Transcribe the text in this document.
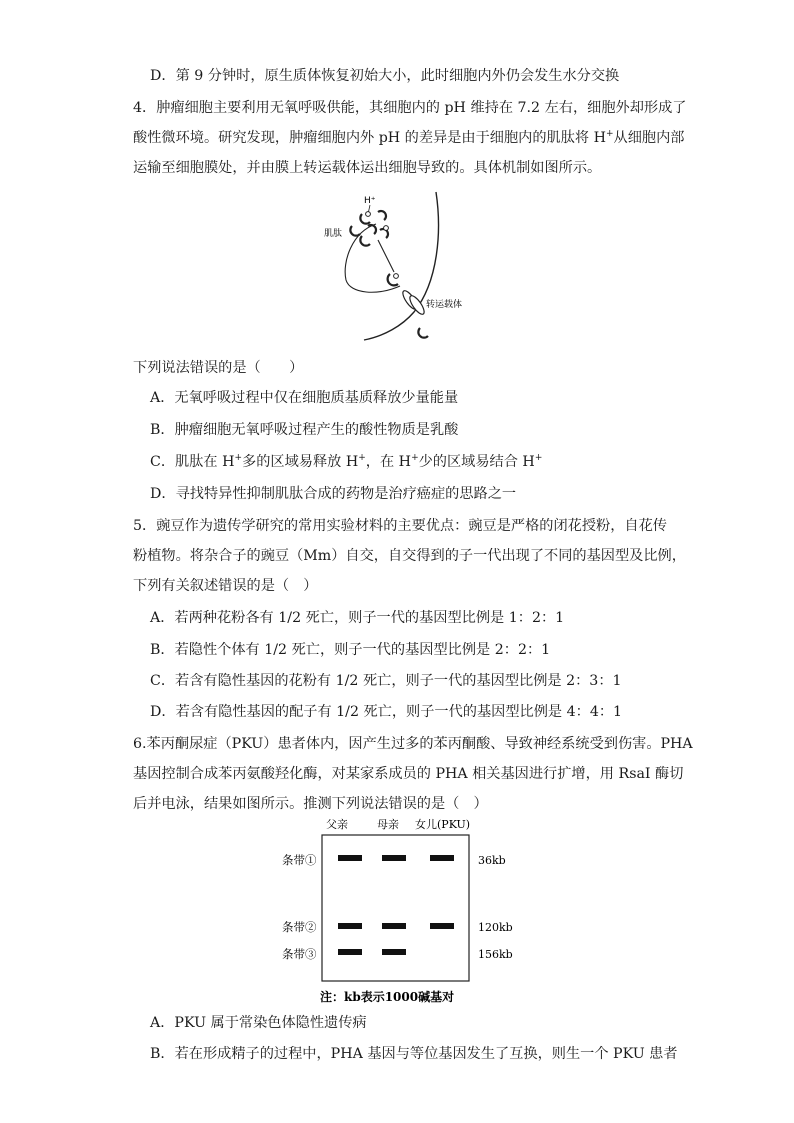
D．第 9 分钟时，原生质体恢复初始大小，此时细胞内外仍会发生水分交换
4．肿瘤细胞主要利用无氧呼吸供能，其细胞内的 pH 维持在 7.2 左右，细胞外却形成了
酸性微环境。研究发现，肿瘤细胞内外 pH 的差异是由于细胞内的肌肽将 H+从细胞内部
运输至细胞膜处，并由膜上转运载体运出细胞导致的。具体机制如图所示。
H⁺
肌肽
转运载体
下列说法错误的是（　　）
A．无氧呼吸过程中仅在细胞质基质释放少量能量
B．肿瘤细胞无氧呼吸过程产生的酸性物质是乳酸
C．肌肽在 H+多的区域易释放 H+，在 H+少的区域易结合 H+
D．寻找特异性抑制肌肽合成的药物是治疗癌症的思路之一
5．豌豆作为遗传学研究的常用实验材料的主要优点：豌豆是严格的闭花授粉，自花传
粉植物。将杂合子的豌豆（Mm）自交，自交得到的子一代出现了不同的基因型及比例，
下列有关叙述错误的是（　）
A．若两种花粉各有 1/2 死亡，则子一代的基因型比例是 1：2：1
B．若隐性个体有 1/2 死亡，则子一代的基因型比例是 2：2：1
C．若含有隐性基因的花粉有 1/2 死亡，则子一代的基因型比例是 2：3：1
D．若含有隐性基因的配子有 1/2 死亡，则子一代的基因型比例是 4：4：1
6.苯丙酮尿症（PKU）患者体内，因产生过多的苯丙酮酸、导致神经系统受到伤害。PHA
基因控制合成苯丙氨酸羟化酶，对某家系成员的 PHA 相关基因进行扩增，用 RsaI 酶切
后并电泳，结果如图所示。推测下列说法错误的是（　）
父亲	母亲 女儿(PKU)
条带①
条带②
条带③
36kb
120kb
156kb
注：kb表示1000碱基对
A．PKU 属于常染色体隐性遗传病
B．若在形成精子的过程中，PHA 基因与等位基因发生了互换，则生一个 PKU 患者
